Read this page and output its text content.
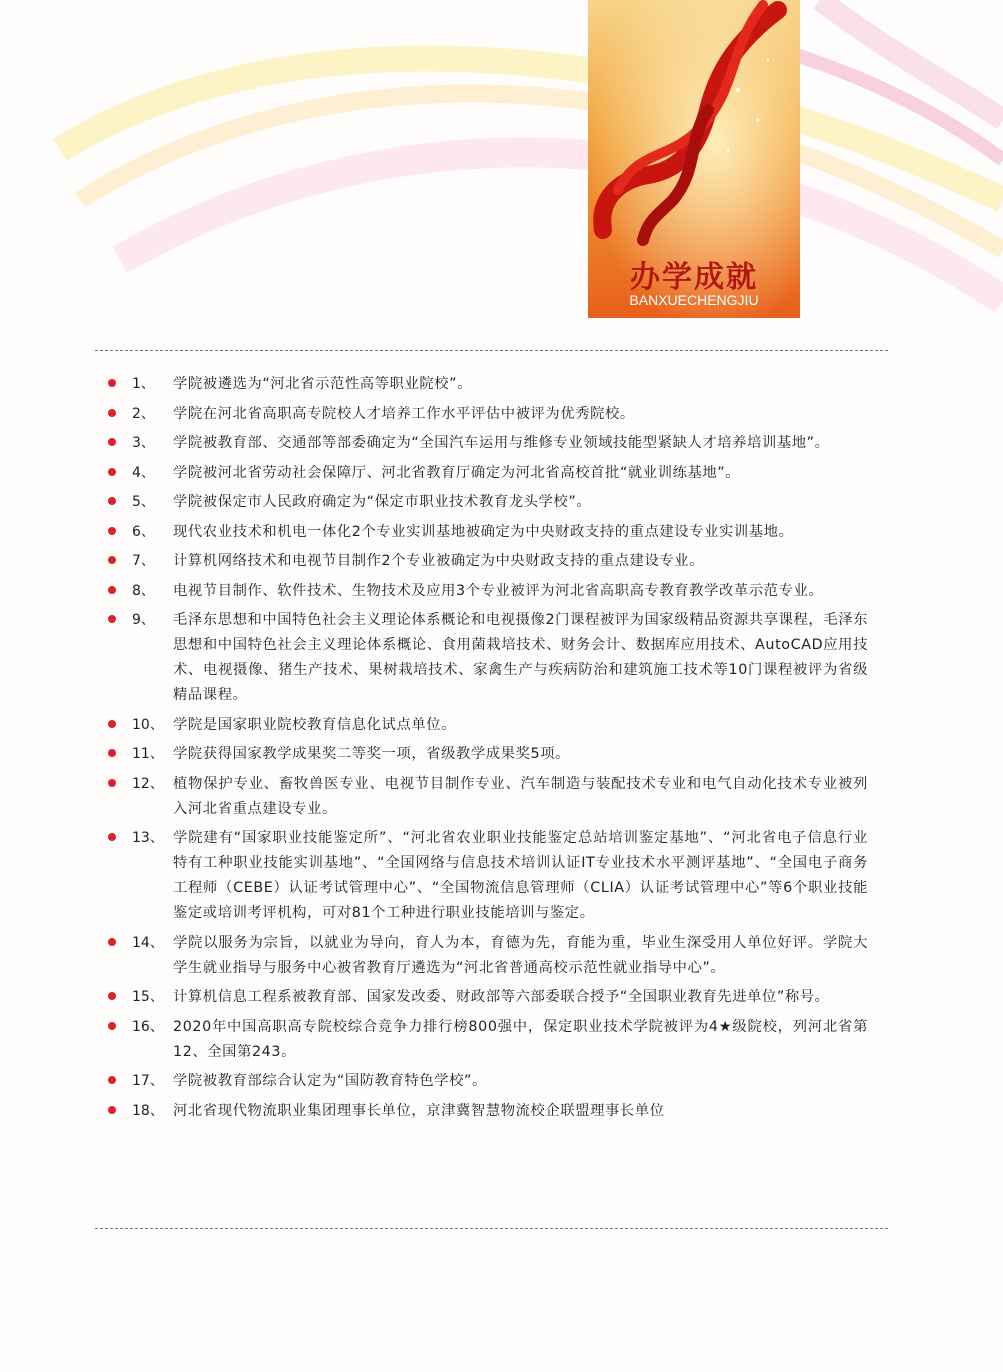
办学成就
BANXUECHENGJIU
1、 学院被遴选为“河北省示范性高等职业院校”。
2、 学院在河北省高职高专院校人才培养工作水平评估中被评为优秀院校。
3、 学院被教育部、交通部等部委确定为“全国汽车运用与维修专业领域技能型紧缺人才培养培训基地”。
4、 学院被河北省劳动社会保障厅、河北省教育厅确定为河北省高校首批“就业训练基地”。
5、 学院被保定市人民政府确定为“保定市职业技术教育龙头学校”。
6、 现代农业技术和机电一体化2个专业实训基地被确定为中央财政支持的重点建设专业实训基地。
7、 计算机网络技术和电视节目制作2个专业被确定为中央财政支持的重点建设专业。
8、 电视节目制作、软件技术、生物技术及应用3个专业被评为河北省高职高专教育教学改革示范专业。
9、 毛泽东思想和中国特色社会主义理论体系概论和电视摄像2门课程被评为国家级精品资源共享课程，毛泽东思想和中国特色社会主义理论体系概论、食用菌栽培技术、财务会计、数据库应用技术、AutoCAD应用技术、电视摄像、猪生产技术、果树栽培技术、家禽生产与疾病防治和建筑施工技术等10门课程被评为省级精品课程。
10、 学院是国家职业院校教育信息化试点单位。
11、 学院获得国家教学成果奖二等奖一项，省级教学成果奖5项。
12、 植物保护专业、畜牧兽医专业、电视节目制作专业、汽车制造与装配技术专业和电气自动化技术专业被列入河北省重点建设专业。
13、 学院建有“国家职业技能鉴定所”、“河北省农业职业技能鉴定总站培训鉴定基地”、“河北省电子信息行业特有工种职业技能实训基地”、“全国网络与信息技术培训认证IT专业技术水平测评基地”、“全国电子商务工程师（CEBE）认证考试管理中心”、“全国物流信息管理师（CLIA）认证考试管理中心”等6个职业技能鉴定或培训考评机构，可对81个工种进行职业技能培训与鉴定。
14、 学院以服务为宗旨，以就业为导向，育人为本，育德为先，育能为重，毕业生深受用人单位好评。学院大学生就业指导与服务中心被省教育厅遴选为“河北省普通高校示范性就业指导中心”。
15、 计算机信息工程系被教育部、国家发改委、财政部等六部委联合授予“全国职业教育先进单位”称号。
16、 2020年中国高职高专院校综合竞争力排行榜800强中，保定职业技术学院被评为4★级院校，列河北省第12、全国第243。
17、 学院被教育部综合认定为“国防教育特色学校”。
18、 河北省现代物流职业集团理事长单位，京津冀智慧物流校企联盟理事长单位
